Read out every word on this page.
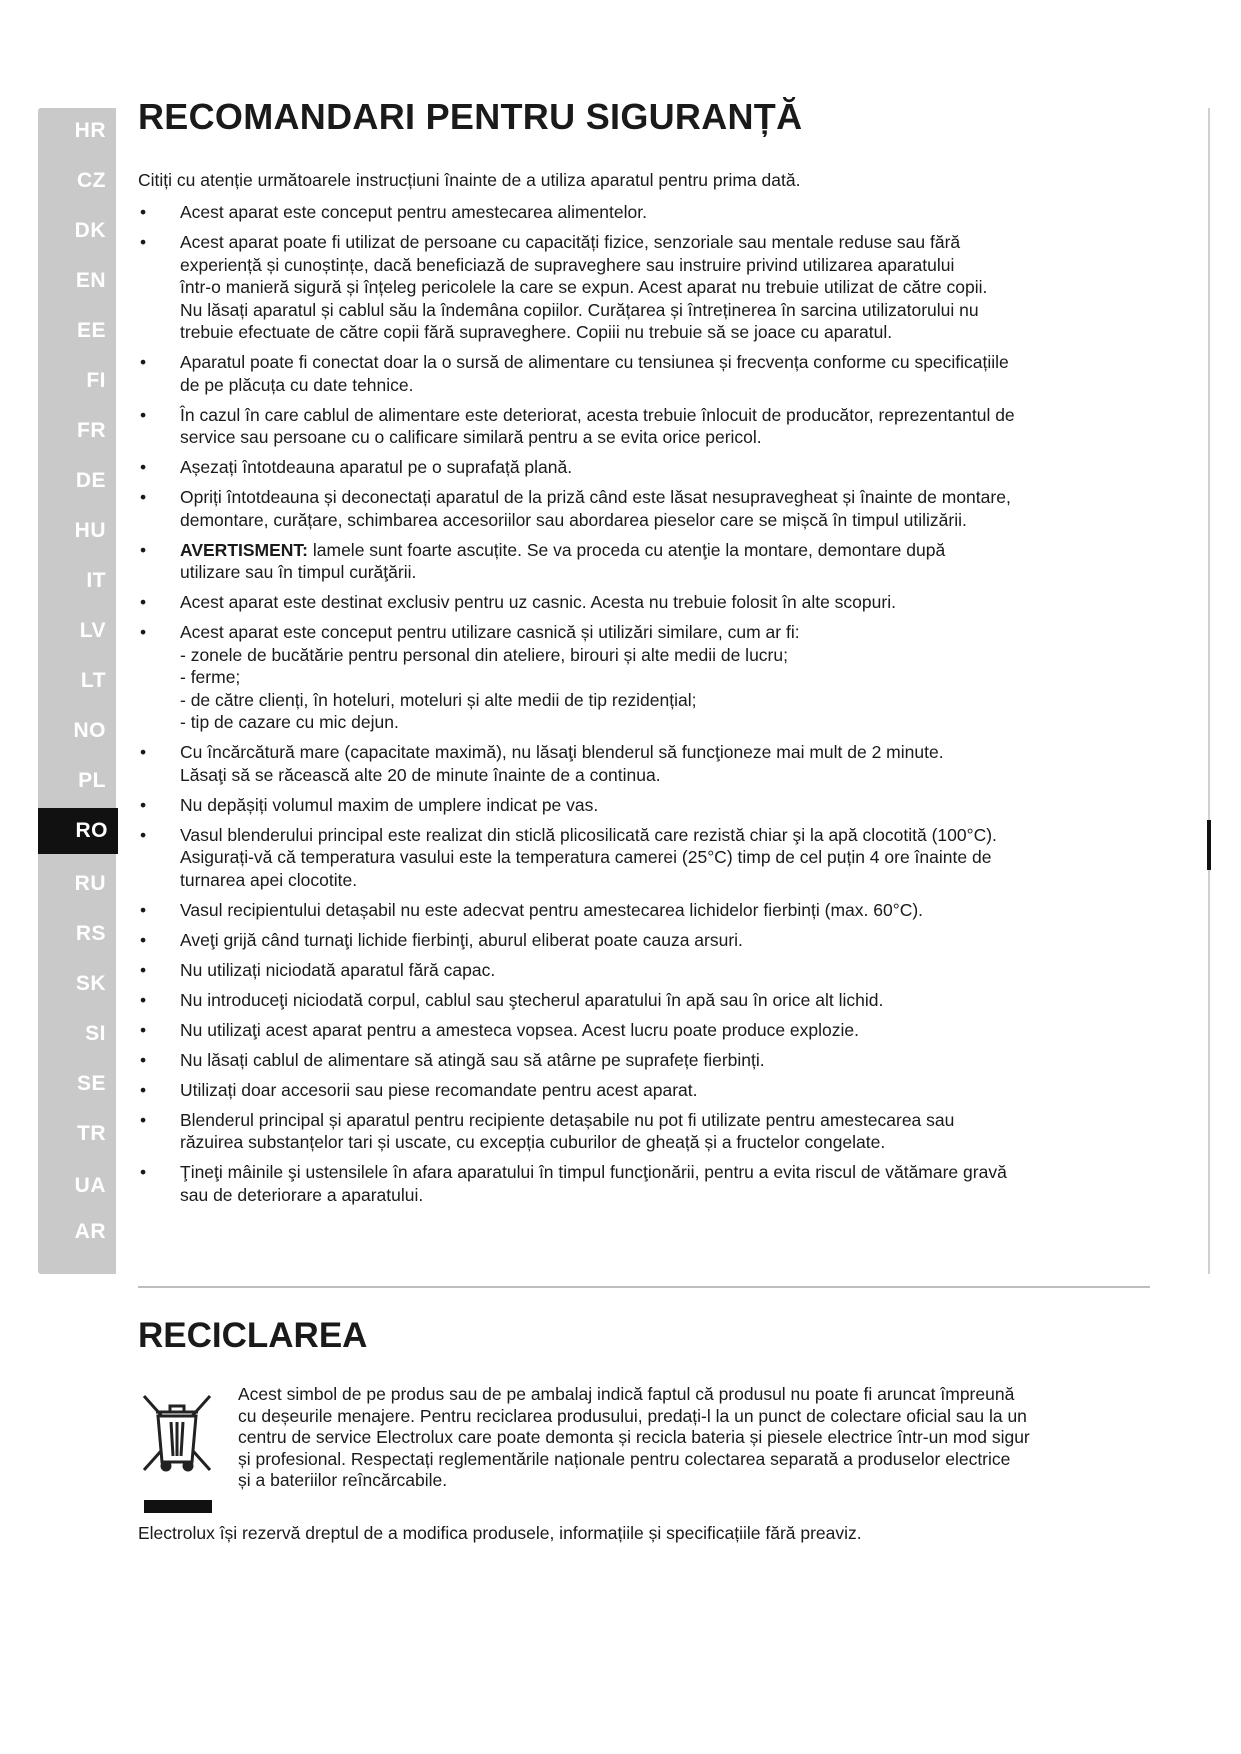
HR
CZ
DK
EN
EE
FI
FR
DE
HU
IT
LV
LT
NO
PL
RO
RU
RS
SK
SI
SE
TR
UA
AR
RECOMANDARI PENTRU SIGURANȚĂ

Citiți cu atenție următoarele instrucțiuni înainte de a utiliza aparatul pentru prima dată.

• Acest aparat este conceput pentru amestecarea alimentelor.
• Acest aparat poate fi utilizat de persoane cu capacități fizice, senzoriale sau mentale reduse sau fără
experiență și cunoștințe, dacă beneficiază de supraveghere sau instruire privind utilizarea aparatului
într-o manieră sigură și înțeleg pericolele la care se expun. Acest aparat nu trebuie utilizat de către copii.
Nu lăsați aparatul și cablul său la îndemâna copiilor. Curățarea și întreținerea în sarcina utilizatorului nu
trebuie efectuate de către copii fără supraveghere. Copiii nu trebuie să se joace cu aparatul.
• Aparatul poate fi conectat doar la o sursă de alimentare cu tensiunea și frecvența conforme cu specificațiile
de pe plăcuța cu date tehnice.
• În cazul în care cablul de alimentare este deteriorat, acesta trebuie înlocuit de producător, reprezentantul de
service sau persoane cu o calificare similară pentru a se evita orice pericol.
• Așezați întotdeauna aparatul pe o suprafață plană.
• Opriți întotdeauna și deconectați aparatul de la priză când este lăsat nesupravegheat și înainte de montare,
demontare, curățare, schimbarea accesoriilor sau abordarea pieselor care se mișcă în timpul utilizării.
• AVERTISMENT: lamele sunt foarte ascuțite. Se va proceda cu atenţie la montare, demontare după
utilizare sau în timpul curăţării.
• Acest aparat este destinat exclusiv pentru uz casnic. Acesta nu trebuie folosit în alte scopuri.
• Acest aparat este conceput pentru utilizare casnică și utilizări similare, cum ar fi:
- zonele de bucătărie pentru personal din ateliere, birouri și alte medii de lucru;
- ferme;
- de către clienți, în hoteluri, moteluri și alte medii de tip rezidențial;
- tip de cazare cu mic dejun.
• Cu încărcătură mare (capacitate maximă), nu lăsaţi blenderul să funcţioneze mai mult de 2 minute.
Lăsaţi să se răcească alte 20 de minute înainte de a continua.
• Nu depășiți volumul maxim de umplere indicat pe vas.
• Vasul blenderului principal este realizat din sticlă plicosilicată care rezistă chiar şi la apă clocotită (100°C).
Asigurați-vă că temperatura vasului este la temperatura camerei (25°C) timp de cel puțin 4 ore înainte de
turnarea apei clocotite.
• Vasul recipientului detașabil nu este adecvat pentru amestecarea lichidelor fierbinți (max. 60°C).
• Aveţi grijă când turnaţi lichide fierbinţi, aburul eliberat poate cauza arsuri.
• Nu utilizați niciodată aparatul fără capac.
• Nu introduceţi niciodată corpul, cablul sau ştecherul aparatului în apă sau în orice alt lichid.
• Nu utilizaţi acest aparat pentru a amesteca vopsea. Acest lucru poate produce explozie.
• Nu lăsați cablul de alimentare să atingă sau să atârne pe suprafețe fierbinți.
• Utilizați doar accesorii sau piese recomandate pentru acest aparat.
• Blenderul principal și aparatul pentru recipiente detașabile nu pot fi utilizate pentru amestecarea sau
răzuirea substanțelor tari și uscate, cu excepția cuburilor de gheață și a fructelor congelate.
• Ţineţi mâinile şi ustensilele în afara aparatului în timpul funcţionării, pentru a evita riscul de vătămare gravă
sau de deteriorare a aparatului.
RECICLAREA
Acest simbol de pe produs sau de pe ambalaj indică faptul că produsul nu poate fi aruncat împreună
cu deșeurile menajere. Pentru reciclarea produsului, predați-l la un punct de colectare oficial sau la un
centru de service Electrolux care poate demonta și recicla bateria și piesele electrice într-un mod sigur
și profesional. Respectați reglementările naționale pentru colectarea separată a produselor electrice
și a bateriilor reîncărcabile.
Electrolux își rezervă dreptul de a modifica produsele, informațiile și specificațiile fără preaviz.
